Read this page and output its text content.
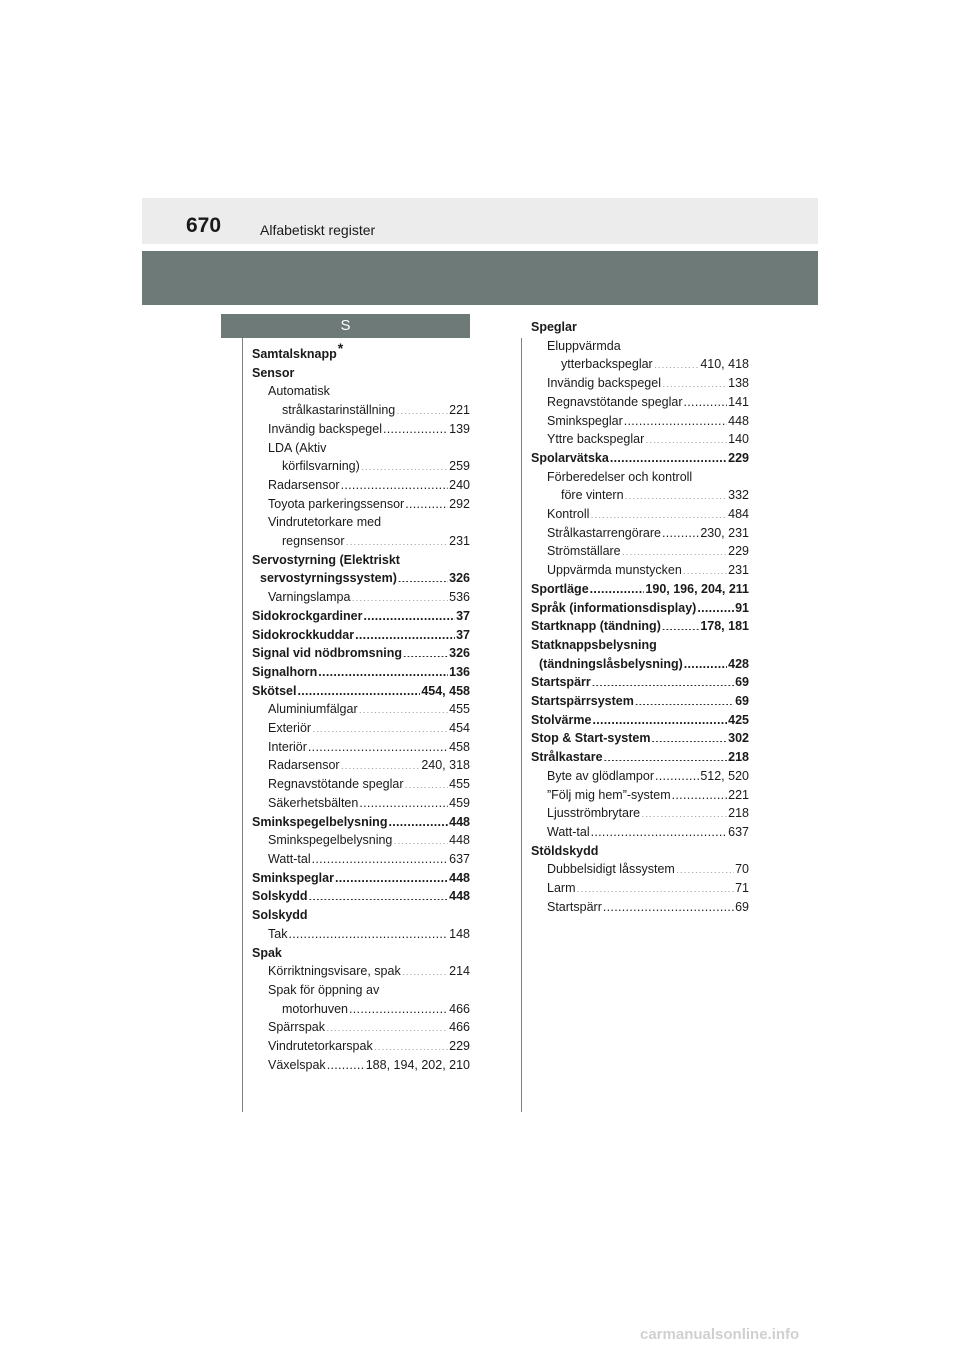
670	Alfabetiskt register
S
Samtalsknapp*
Sensor
Automatisk
strålkastarinställning .....	221
Invändig backspegel .....	139
LDA (Aktiv
körfilsvarning) .....	259
Radarsensor .....	240
Toyota parkeringssensor .....	292
Vindrutetorkare med
regnsensor .....	231
Servostyrning (Elektriskt
servostyrningssystem) .....	326
Varningslampa .....	536
Sidokrockgardiner .....	37
Sidokrockkuddar .....	37
Signal vid nödbromsning .....	326
Signalhorn .....	136
Skötsel .....	454, 458
Aluminiumfälgar .....	455
Exteriör .....	454
Interiör .....	458
Radarsensor .....	240, 318
Regnavstötande speglar .....	455
Säkerhetsbälten .....	459
Sminkspegelbelysning .....	448
Sminkspegelbelysning .....	448
Watt-tal .....	637
Sminkspeglar .....	448
Solskydd .....	448
Solskydd
Tak .....	148
Spak
Körriktningsvisare, spak .....	214
Spak för öppning av
motorhuven .....	466
Spärrspak .....	466
Vindrutetorkarspak .....	229
Växelspak .....	188, 194, 202, 210
Speglar
Eluppvärmda
ytterbackspeglar .....	410, 418
Invändig backspegel .....	138
Regnavstötande speglar .....	141
Sminkspeglar .....	448
Yttre backspeglar .....	140
Spolarvätska .....	229
Förberedelser och kontroll
före vintern .....	332
Kontroll .....	484
Strålkastarrengörare .....	230, 231
Strömställare .....	229
Uppvärmda munstycken .....	231
Sportläge .....	190, 196, 204, 211
Språk (informationsdisplay) .....	91
Startknapp (tändning) .....	178, 181
Statknappsbelysning
(tändningslåsbelysning) .....	428
Startspärr .....	69
Startspärrsystem .....	69
Stolvärme .....	425
Stop & Start-system .....	302
Strålkastare .....	218
Byte av glödlampor .....	512, 520
”Följ mig hem”-system .....	221
Ljusströmbrytare .....	218
Watt-tal .....	637
Stöldskydd
Dubbelsidigt låssystem .....	70
Larm .....	71
Startspärr .....	69
carmanualsonline.info
